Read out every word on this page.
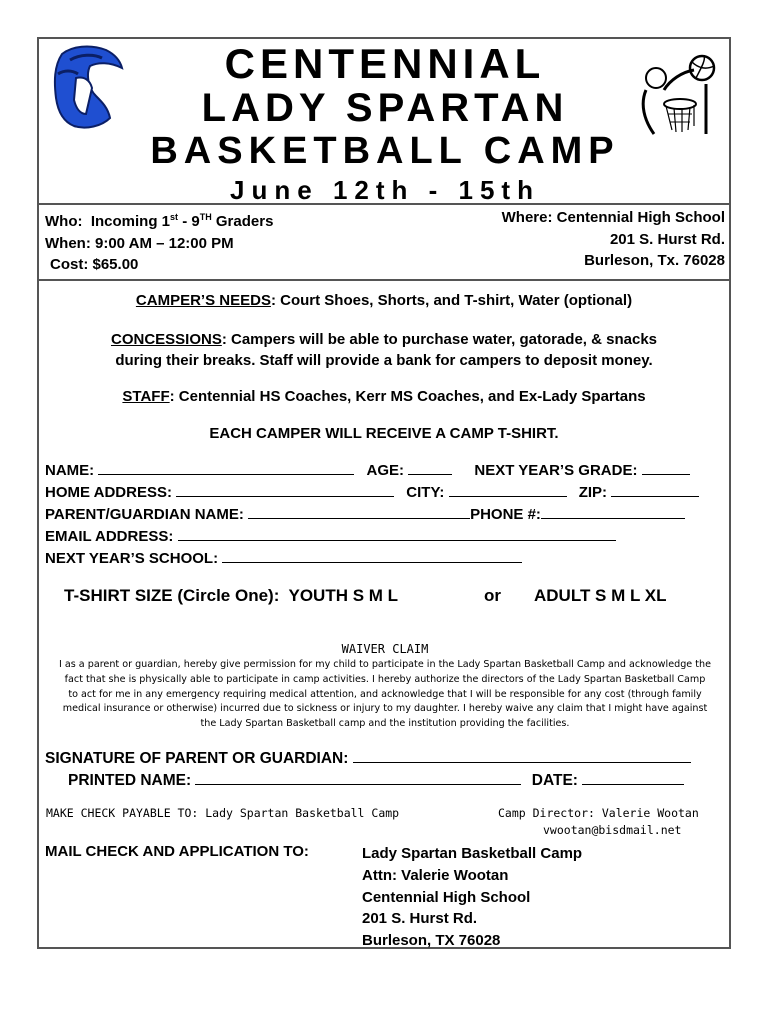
CENTENNIAL
LADY SPARTAN
BASKETBALL CAMP
June 12th - 15th
Who: Incoming 1st - 9TH Graders
When: 9:00 AM – 12:00 PM
Cost: $65.00
Where: Centennial High School
201 S. Hurst Rd.
Burleson, Tx. 76028
CAMPER’S NEEDS: Court Shoes, Shorts, and T-shirt, Water (optional)
CONCESSIONS: Campers will be able to purchase water, gatorade, & snacks
during their breaks. Staff will provide a bank for campers to deposit money.
STAFF: Centennial HS Coaches, Kerr MS Coaches, and Ex-Lady Spartans
EACH CAMPER WILL RECEIVE A CAMP T-SHIRT.
NAME:	AGE:	NEXT YEAR’S GRADE:
HOME ADDRESS:	CITY:	ZIP:
PARENT/GUARDIAN NAME:	PHONE #:
EMAIL ADDRESS:
NEXT YEAR’S SCHOOL:
T-SHIRT SIZE (Circle One): YOUTH S M L	or ADULT S M L XL
WAIVER CLAIM
I as a parent or guardian, hereby give permission for my child to participate in the Lady Spartan Basketball Camp and acknowledge the
fact that she is physically able to participate in camp activities. I hereby authorize the directors of the Lady Spartan Basketball Camp
to act for me in any emergency requiring medical attention, and acknowledge that I will be responsible for any cost (through family
medical insurance or otherwise) incurred due to sickness or injury to my daughter. I hereby waive any claim that I might have against
the Lady Spartan Basketball camp and the institution providing the facilities.
SIGNATURE OF PARENT OR GUARDIAN:
PRINTED NAME:	DATE:
MAKE CHECK PAYABLE TO: Lady Spartan Basketball Camp	Camp Director: Valerie Wootan
vwootan@bisdmail.net
MAIL CHECK AND APPLICATION TO:	Lady Spartan Basketball Camp
Attn: Valerie Wootan
Centennial High School
201 S. Hurst Rd.
Burleson, TX 76028
